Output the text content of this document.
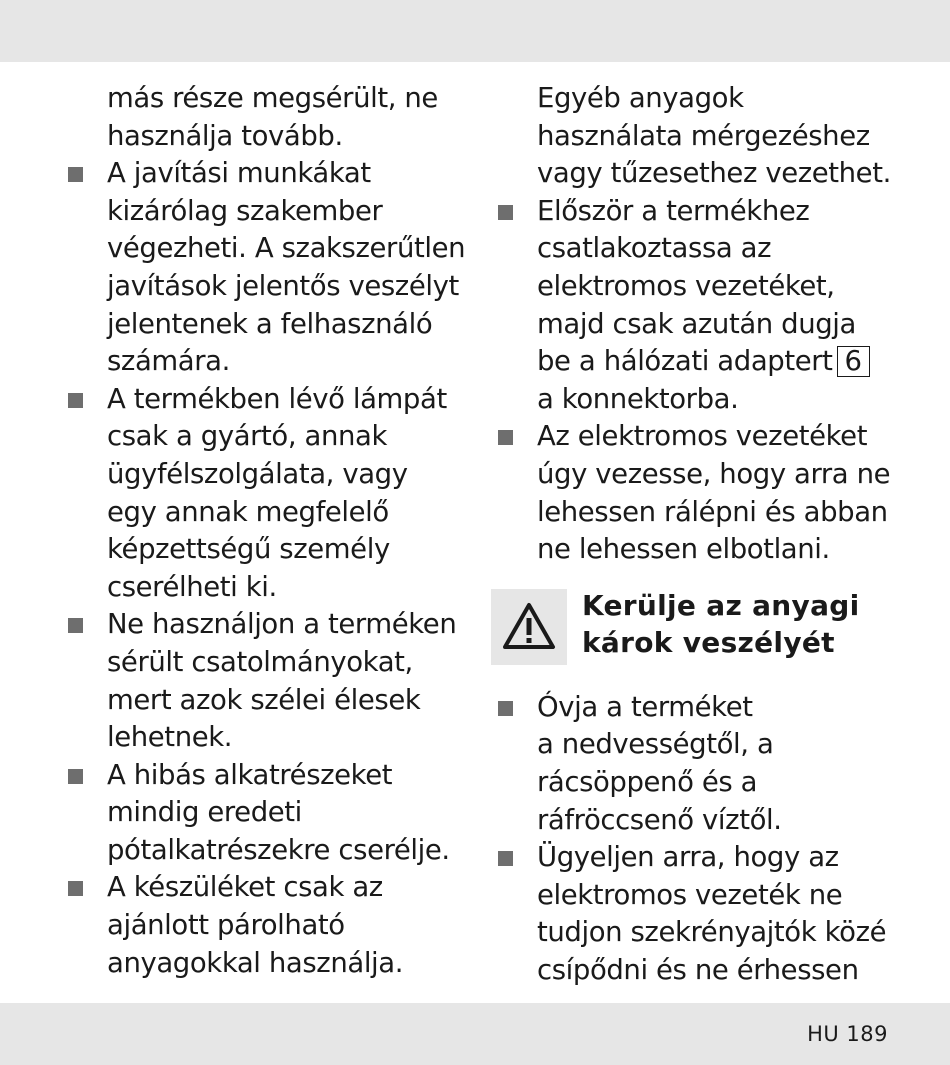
más része megsérült, ne
használja tovább.

A javítási munkákat
kizárólag szakember
végezheti. A szakszerűtlen
javítások jelentős veszélyt
jelentenek a felhasználó
számára.

A termékben lévő lámpát
csak a gyártó, annak
ügyfélszolgálata, vagy
egy annak megfelelő
képzettségű személy
cserélheti ki.

Ne használjon a terméken
sérült csatolmányokat,
mert azok szélei élesek
lehetnek.

A hibás alkatrészeket
mindig eredeti
pótalkatrészekre cserélje.

A készüléket csak az
ajánlott párolható
anyagokkal használja.

Egyéb anyagok
használata mérgezéshez
vagy tűzesethez vezethet.

Először a termékhez
csatlakoztassa az
elektromos vezetéket,
majd csak azután dugja
be a hálózati adaptert 6
a konnektorba.

Az elektromos vezetéket
úgy vezesse, hogy arra ne
lehessen rálépni és abban
ne lehessen elbotlani.

Kerülje az anyagi
károk veszélyét

Óvja a terméket
a nedvességtől, a
rácsöppenő és a
ráfröccsenő víztől.

Ügyeljen arra, hogy az
elektromos vezeték ne
tudjon szekrényajtók közé
csípődni és ne érhessen

HU 189
